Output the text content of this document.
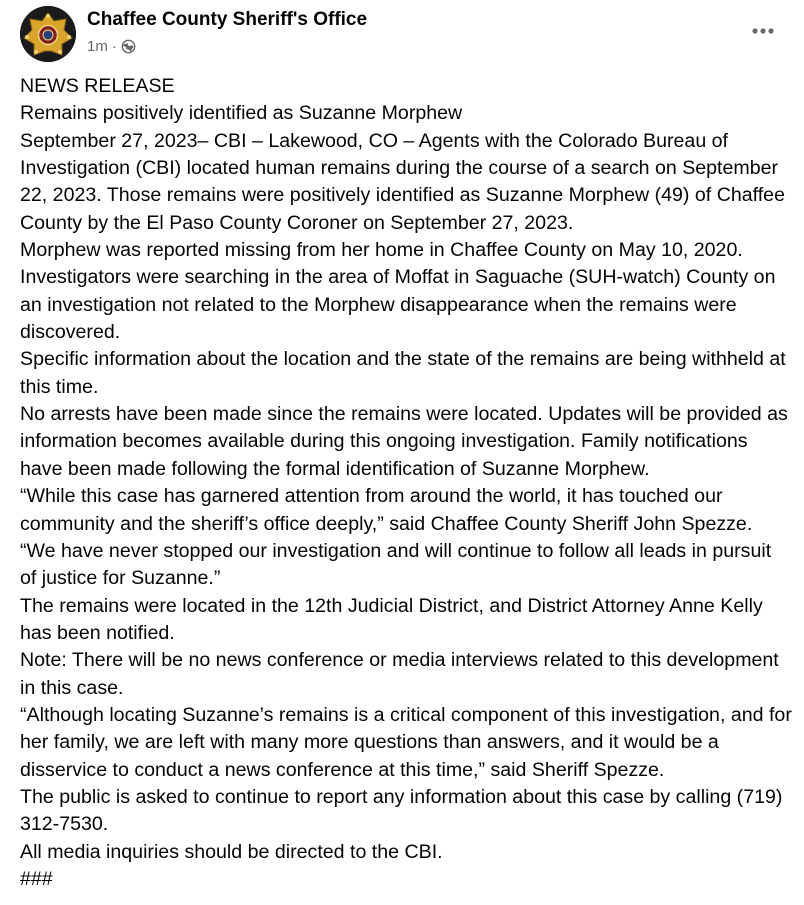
Chaffee County Sheriff's Office
1m ·

NEWS RELEASE

Remains positively identified as Suzanne Morphew

September 27, 2023– CBI – Lakewood, CO – Agents with the Colorado Bureau of Investigation (CBI) located human remains during the course of a search on September 22, 2023. Those remains were positively identified as Suzanne Morphew (49) of Chaffee County by the El Paso County Coroner on September 27, 2023.

Morphew was reported missing from her home in Chaffee County on May 10, 2020.

Investigators were searching in the area of Moffat in Saguache (SUH-watch) County on an investigation not related to the Morphew disappearance when the remains were discovered.

Specific information about the location and the state of the remains are being withheld at this time.

No arrests have been made since the remains were located. Updates will be provided as information becomes available during this ongoing investigation. Family notifications have been made following the formal identification of Suzanne Morphew.

“While this case has garnered attention from around the world, it has touched our community and the sheriff’s office deeply,” said Chaffee County Sheriff John Spezze. “We have never stopped our investigation and will continue to follow all leads in pursuit of justice for Suzanne.”

The remains were located in the 12th Judicial District, and District Attorney Anne Kelly has been notified.

Note: There will be no news conference or media interviews related to this development in this case.

“Although locating Suzanne’s remains is a critical component of this investigation, and for her family, we are left with many more questions than answers, and it would be a disservice to conduct a news conference at this time,” said Sheriff Spezze.

The public is asked to continue to report any information about this case by calling (719) 312-7530.

All media inquiries should be directed to the CBI.

###
